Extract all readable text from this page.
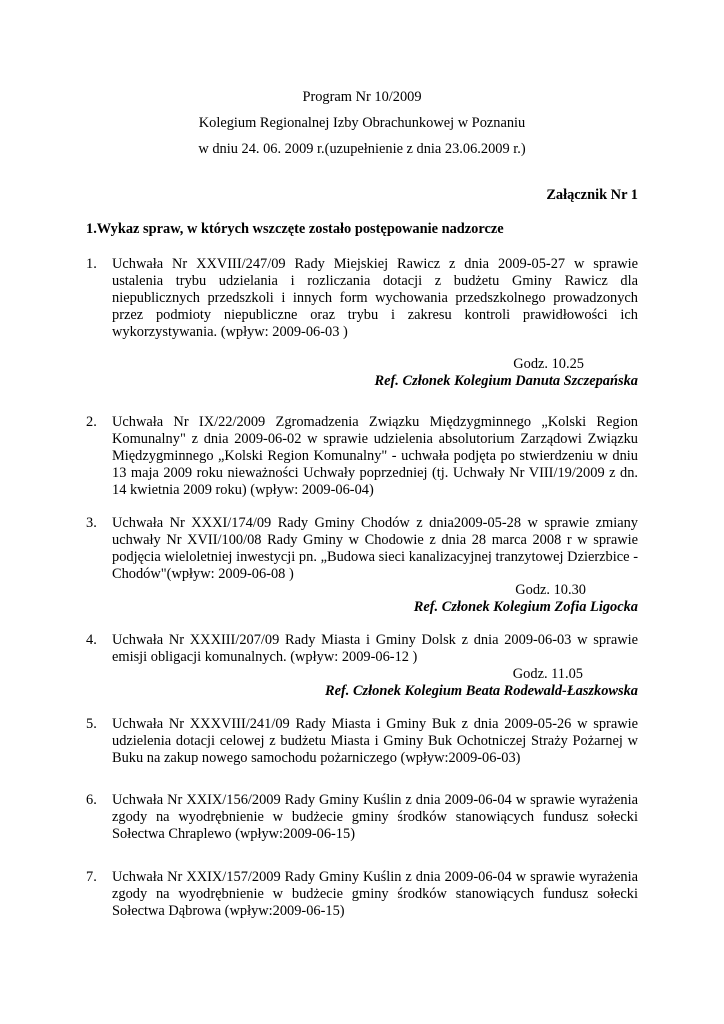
Program Nr 10/2009
Kolegium Regionalnej Izby Obrachunkowej w Poznaniu
w dniu 24. 06. 2009 r.(uzupełnienie z dnia 23.06.2009 r.)
Załącznik Nr 1
1.Wykaz spraw, w których wszczęte zostało postępowanie nadzorcze
1. Uchwała Nr XXVIII/247/09 Rady Miejskiej Rawicz z dnia 2009-05-27 w sprawie ustalenia trybu udzielania i rozliczania dotacji z budżetu Gminy Rawicz dla niepublicznych przedszkoli i innych form wychowania przedszkolnego prowadzonych przez podmioty niepubliczne oraz trybu i zakresu kontroli prawidłowości ich wykorzystywania. (wpływ: 2009-06-03 )
Godz. 10.25
Ref. Członek Kolegium Danuta Szczepańska
2. Uchwała Nr IX/22/2009 Zgromadzenia Związku Międzygminnego „Kolski Region Komunalny" z dnia 2009-06-02 w sprawie udzielenia absolutorium Zarządowi Związku Międzygminnego „Kolski Region Komunalny" - uchwała podjęta po stwierdzeniu w dniu 13 maja 2009 roku nieważności Uchwały poprzedniej (tj. Uchwały Nr VIII/19/2009 z dn. 14 kwietnia 2009 roku) (wpływ: 2009-06-04)
3. Uchwała Nr XXXI/174/09 Rady Gminy Chodów z dnia2009-05-28 w sprawie zmiany uchwały Nr XVII/100/08 Rady Gminy w Chodowie z dnia 28 marca 2008 r w sprawie podjęcia wieloletniej inwestycji pn. „Budowa sieci kanalizacyjnej tranzytowej Dzierzbice - Chodów"(wpływ: 2009-06-08 )
Godz. 10.30
Ref. Członek Kolegium Zofia Ligocka
4. Uchwała Nr XXXIII/207/09 Rady Miasta i Gminy Dolsk z dnia 2009-06-03 w sprawie emisji obligacji komunalnych. (wpływ: 2009-06-12 )
Godz. 11.05
Ref. Członek Kolegium Beata Rodewald-Łaszkowska
5. Uchwała Nr XXXVIII/241/09 Rady Miasta i Gminy Buk z dnia 2009-05-26 w sprawie udzielenia dotacji celowej z budżetu Miasta i Gminy Buk Ochotniczej Straży Pożarnej w Buku na zakup nowego samochodu pożarniczego (wpływ:2009-06-03)
6. Uchwała Nr XXIX/156/2009 Rady Gminy Kuślin z dnia 2009-06-04 w sprawie wyrażenia zgody na wyodrębnienie w budżecie gminy środków stanowiących fundusz sołecki Sołectwa Chraplewo (wpływ:2009-06-15)
7. Uchwała Nr XXIX/157/2009 Rady Gminy Kuślin z dnia 2009-06-04 w sprawie wyrażenia zgody na wyodrębnienie w budżecie gminy środków stanowiących fundusz sołecki Sołectwa Dąbrowa (wpływ:2009-06-15)
